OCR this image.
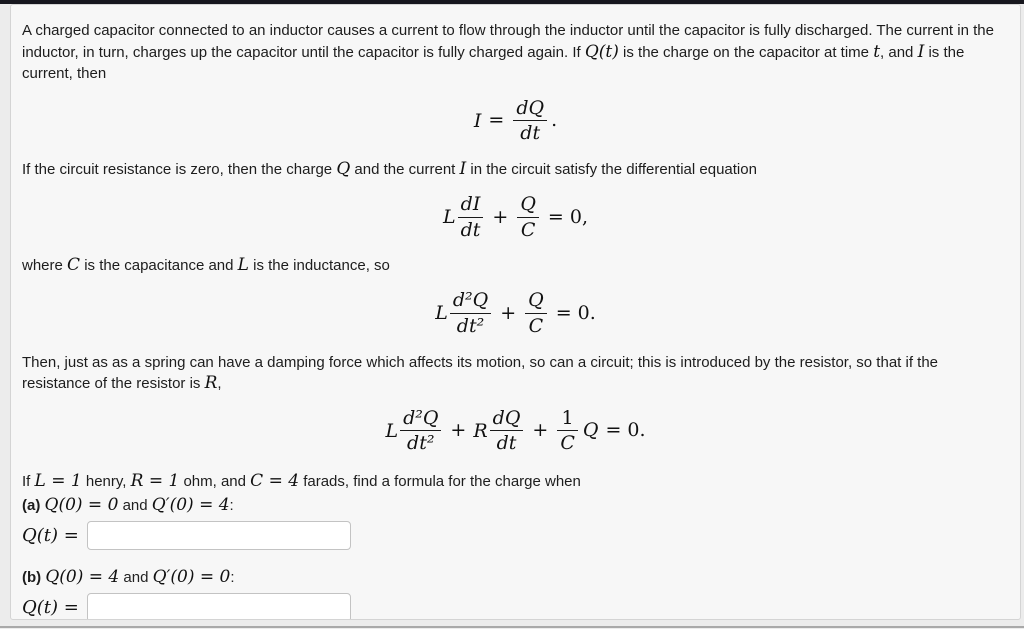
A charged capacitor connected to an inductor causes a current to flow through the inductor until the capacitor is fully discharged. The current in the inductor, in turn, charges up the capacitor until the capacitor is fully charged again. If Q(t) is the charge on the capacitor at time t, and I is the current, then

$I = \frac{dQ}{dt}$ .

If the circuit resistance is zero, then the charge Q and the current I in the circuit satisfy the differential equation

L $\frac{dI}{dt} + \frac{Q}{C} = 0$,

where C is the capacitance and L is the inductance, so

L $\frac{\text{d²Q}}{\text{dt²}} + \frac{Q}{C} = 0$.

Then, just as as a spring can have a damping force which affects its motion, so can a circuit; this is introduced by the resistor, so that if the resistance of the resistor is R,

L $\frac{\text{d²Q}}{\text{dt²}} + R \frac{dQ}{dt} + \frac{1}{C}$ Q = 0.

If L = 1 henry, R = 1 ohm, and C = 4 farads, find a formula for the charge when

(a) Q(0) = 0 and Q′(0) = 4:

Q(t) =

(b) Q(0) = 4 and Q′(0) = 0:

Q(t) =
